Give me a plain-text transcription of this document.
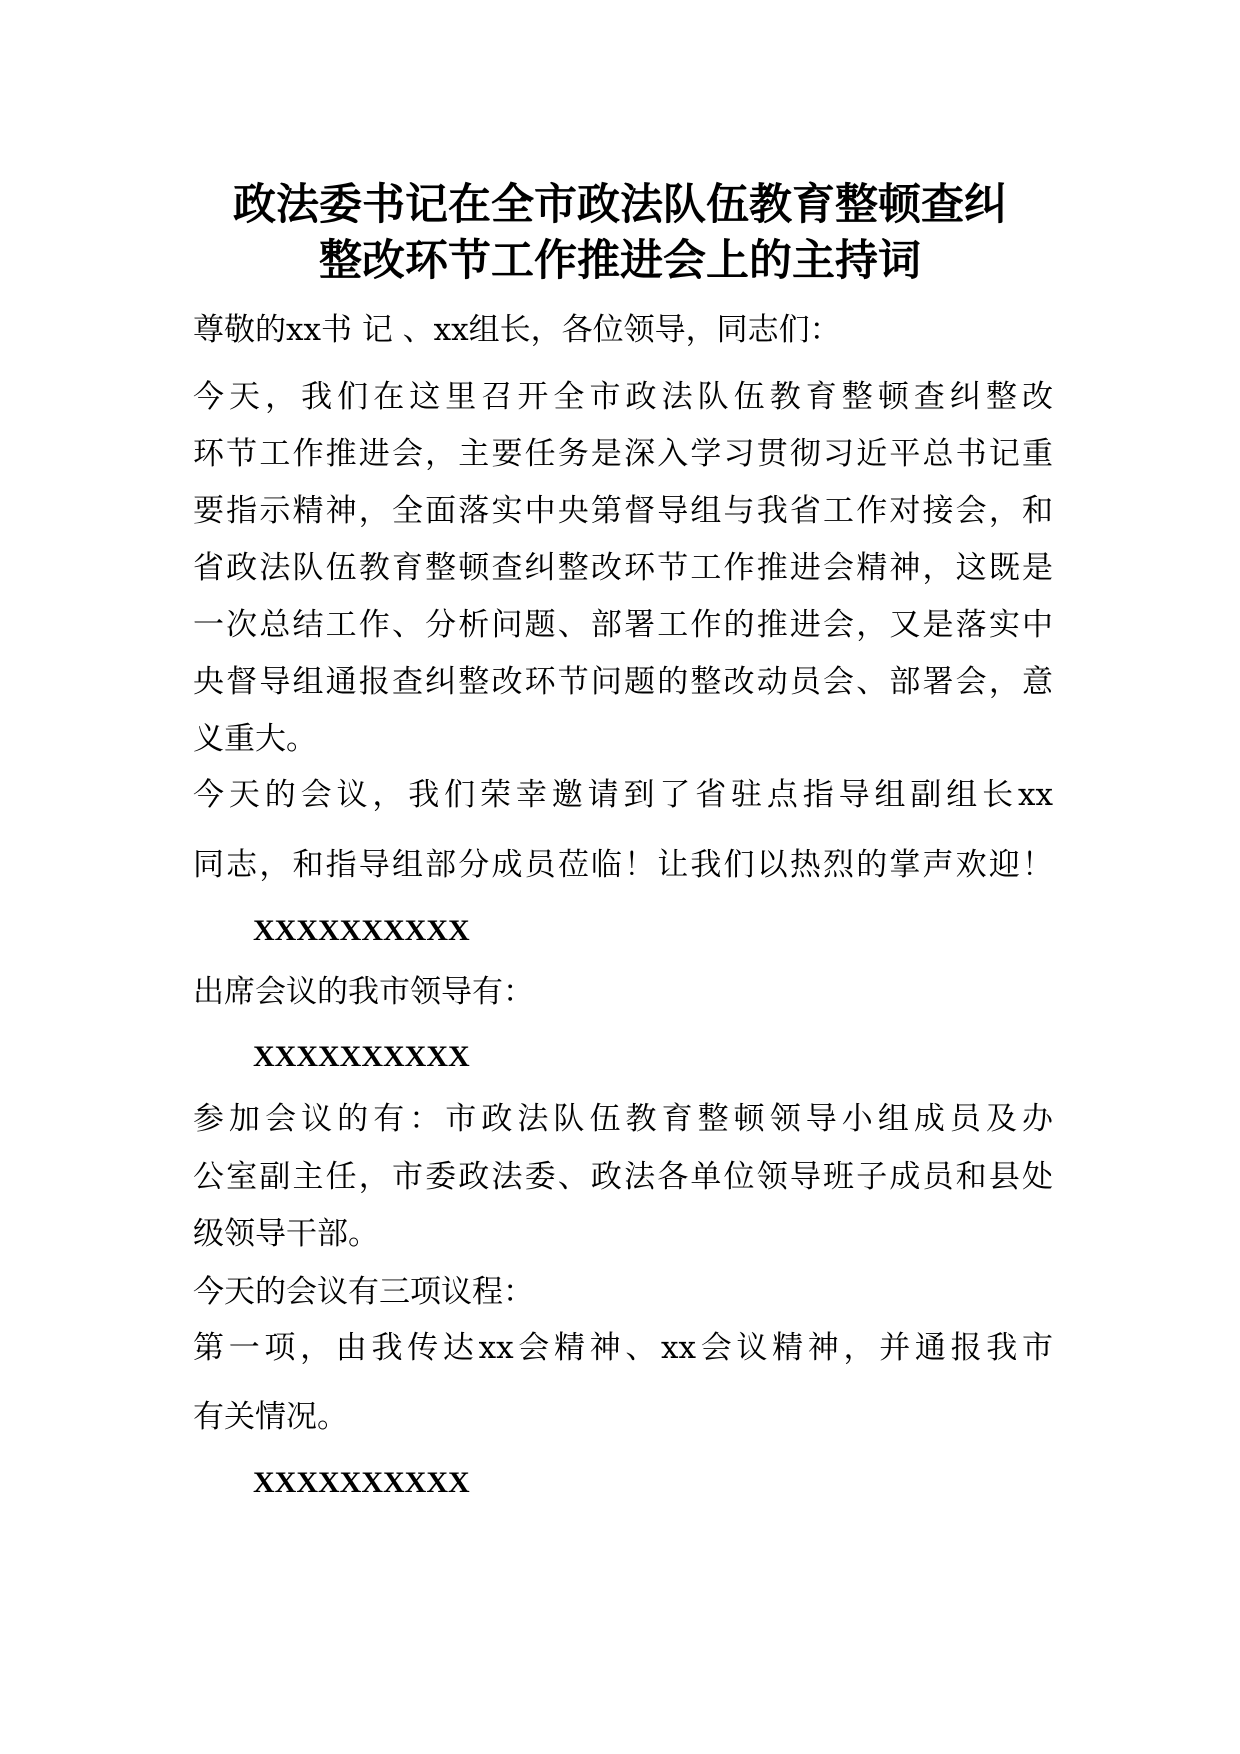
政法委书记在全市政法队伍教育整顿查纠
整改环节工作推进会上的主持词
尊敬的xx书 记 、xx组长，各位领导，同志们：
今天，我们在这里召开全市政法队伍教育整顿查纠整改
环节工作推进会，主要任务是深入学习贯彻习近平总书记重
要指示精神，全面落实中央第督导组与我省工作对接会，和
省政法队伍教育整顿查纠整改环节工作推进会精神，这既是
一次总结工作、分析问题、部署工作的推进会，又是落实中
央督导组通报查纠整改环节问题的整改动员会、部署会，意
义重大。
今天的会议，我们荣幸邀请到了省驻点指导组副组长xx
同志，和指导组部分成员莅临！让我们以热烈的掌声欢迎！
XXXXXXXXXX
出席会议的我市领导有：
XXXXXXXXXX
参加会议的有：市政法队伍教育整顿领导小组成员及办
公室副主任，市委政法委、政法各单位领导班子成员和县处
级领导干部。
今天的会议有三项议程：
第一项，由我传达xx会精神、xx会议精神，并通报我市
有关情况。
XXXXXXXXXX
